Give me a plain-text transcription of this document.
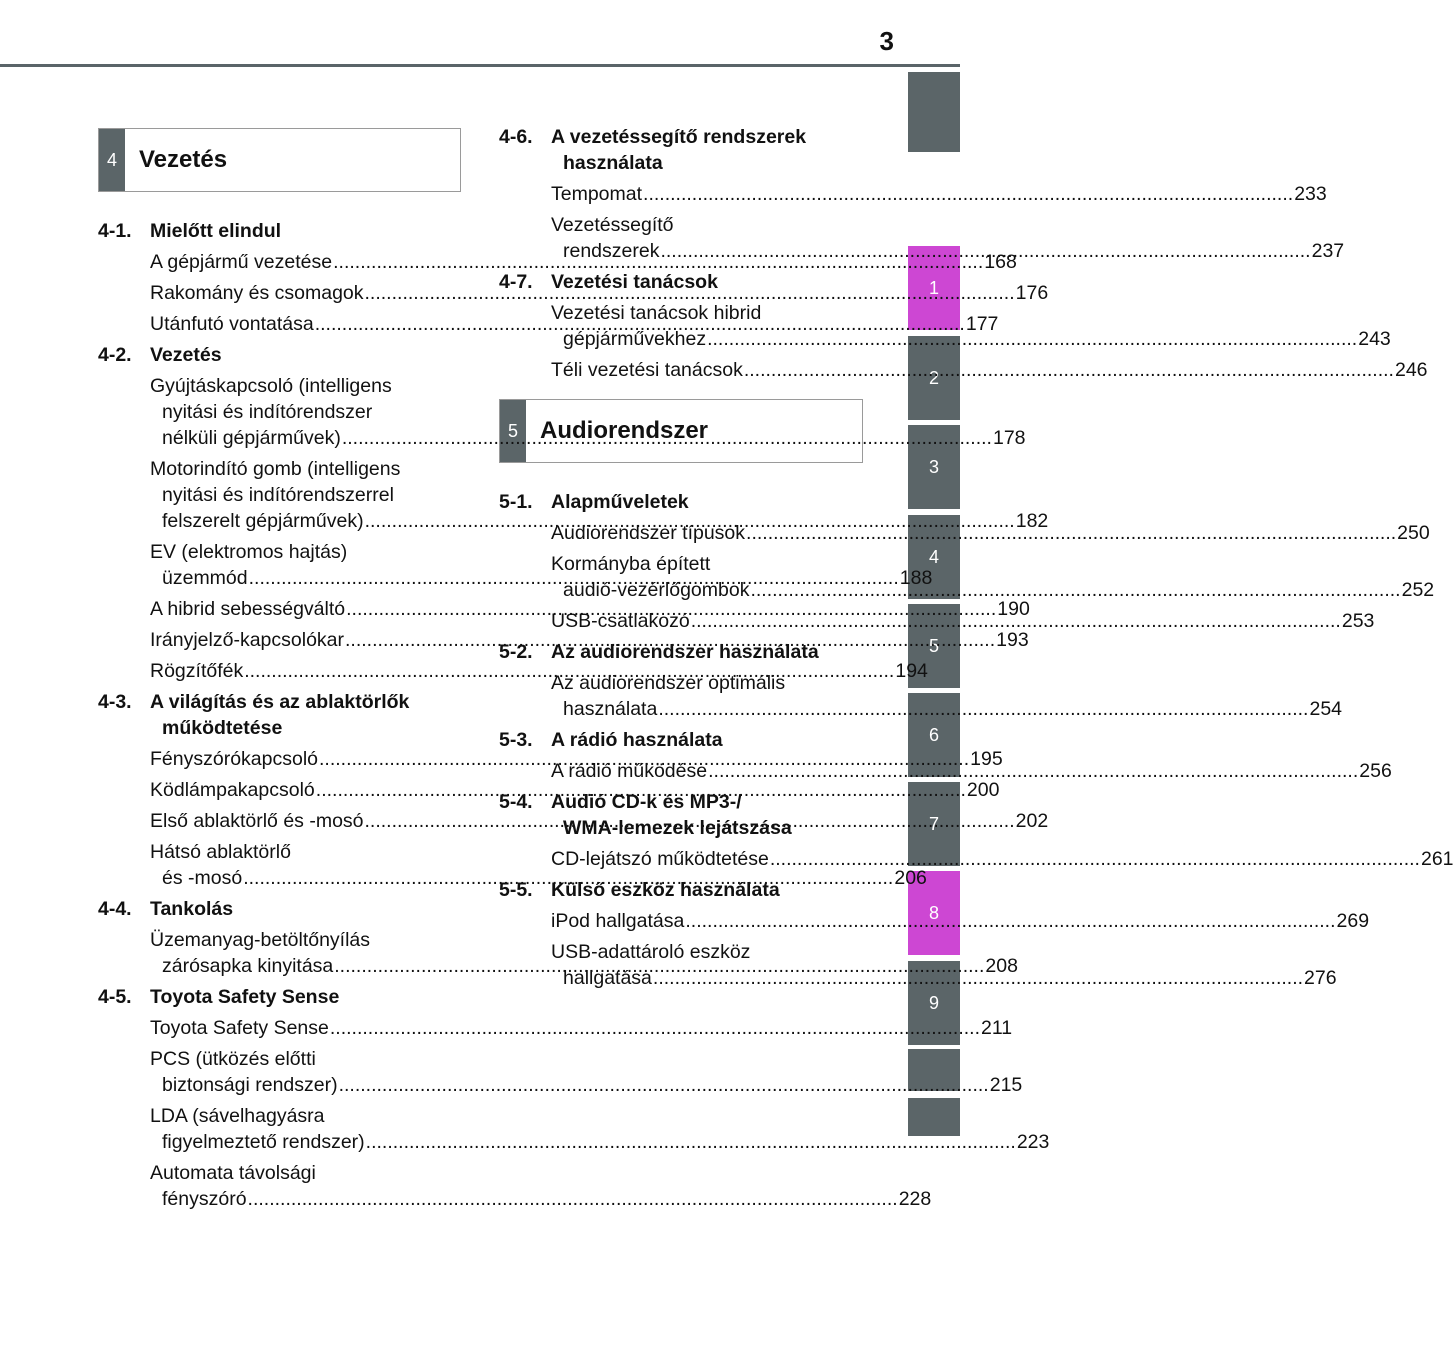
3
1
2
3
4
5
6
7
8
9
4 Vezetés
5 Audiorendszer
4-1. Mielőtt elindul
A gépjármű vezetése .....	168
Rakomány és csomagok .....	176
Utánfutó vontatása .....	177
4-2. Vezetés
Gyújtáskapcsoló (intelligens
nyitási és indítórendszer
nélküli gépjárművek) .....	178
Motorindító gomb (intelligens
nyitási és indítórendszerrel
felszerelt gépjárművek) .....	182
EV (elektromos hajtás)
üzemmód .....	188
A hibrid sebességváltó .....	190
Irányjelző-kapcsolókar .....	193
Rögzítőfék .....	194
4-3. A világítás és az ablaktörlők
működtetése
Fényszórókapcsoló .....	195
Ködlámpakapcsoló .....	200
Első ablaktörlő és -mosó .....	202
Hátsó ablaktörlő
és -mosó .....	206
4-4. Tankolás
Üzemanyag-betöltőnyílás
zárósapka kinyitása .....	208
4-5. Toyota Safety Sense
Toyota Safety Sense .....	211
PCS (ütközés előtti
biztonsági rendszer) .....	215
LDA (sávelhagyásra
figyelmeztető rendszer) .....	223
Automata távolsági
fényszóró .....	228
4-6. A vezetéssegítő rendszerek
használata
Tempomat .....	233
Vezetéssegítő
rendszerek .....	237
4-7. Vezetési tanácsok
Vezetési tanácsok hibrid
gépjárművekhez .....	243
Téli vezetési tanácsok .....	246
5-1. Alapműveletek
Audiorendszer típusok .....	250
Kormányba épített
audió-vezérlőgombok .....	252
USB-csatlakozó .....	253
5-2. Az audiorendszer használata
Az audiorendszer optimális
használata .....	254
5-3. A rádió használata
A rádió működése .....	256
5-4. Audió CD-k és MP3-/
WMA-lemezek lejátszása
CD-lejátszó működtetése .....	261
5-5. Külső eszköz használata
iPod hallgatása .....	269
USB-adattároló eszköz
hallgatása .....	276
